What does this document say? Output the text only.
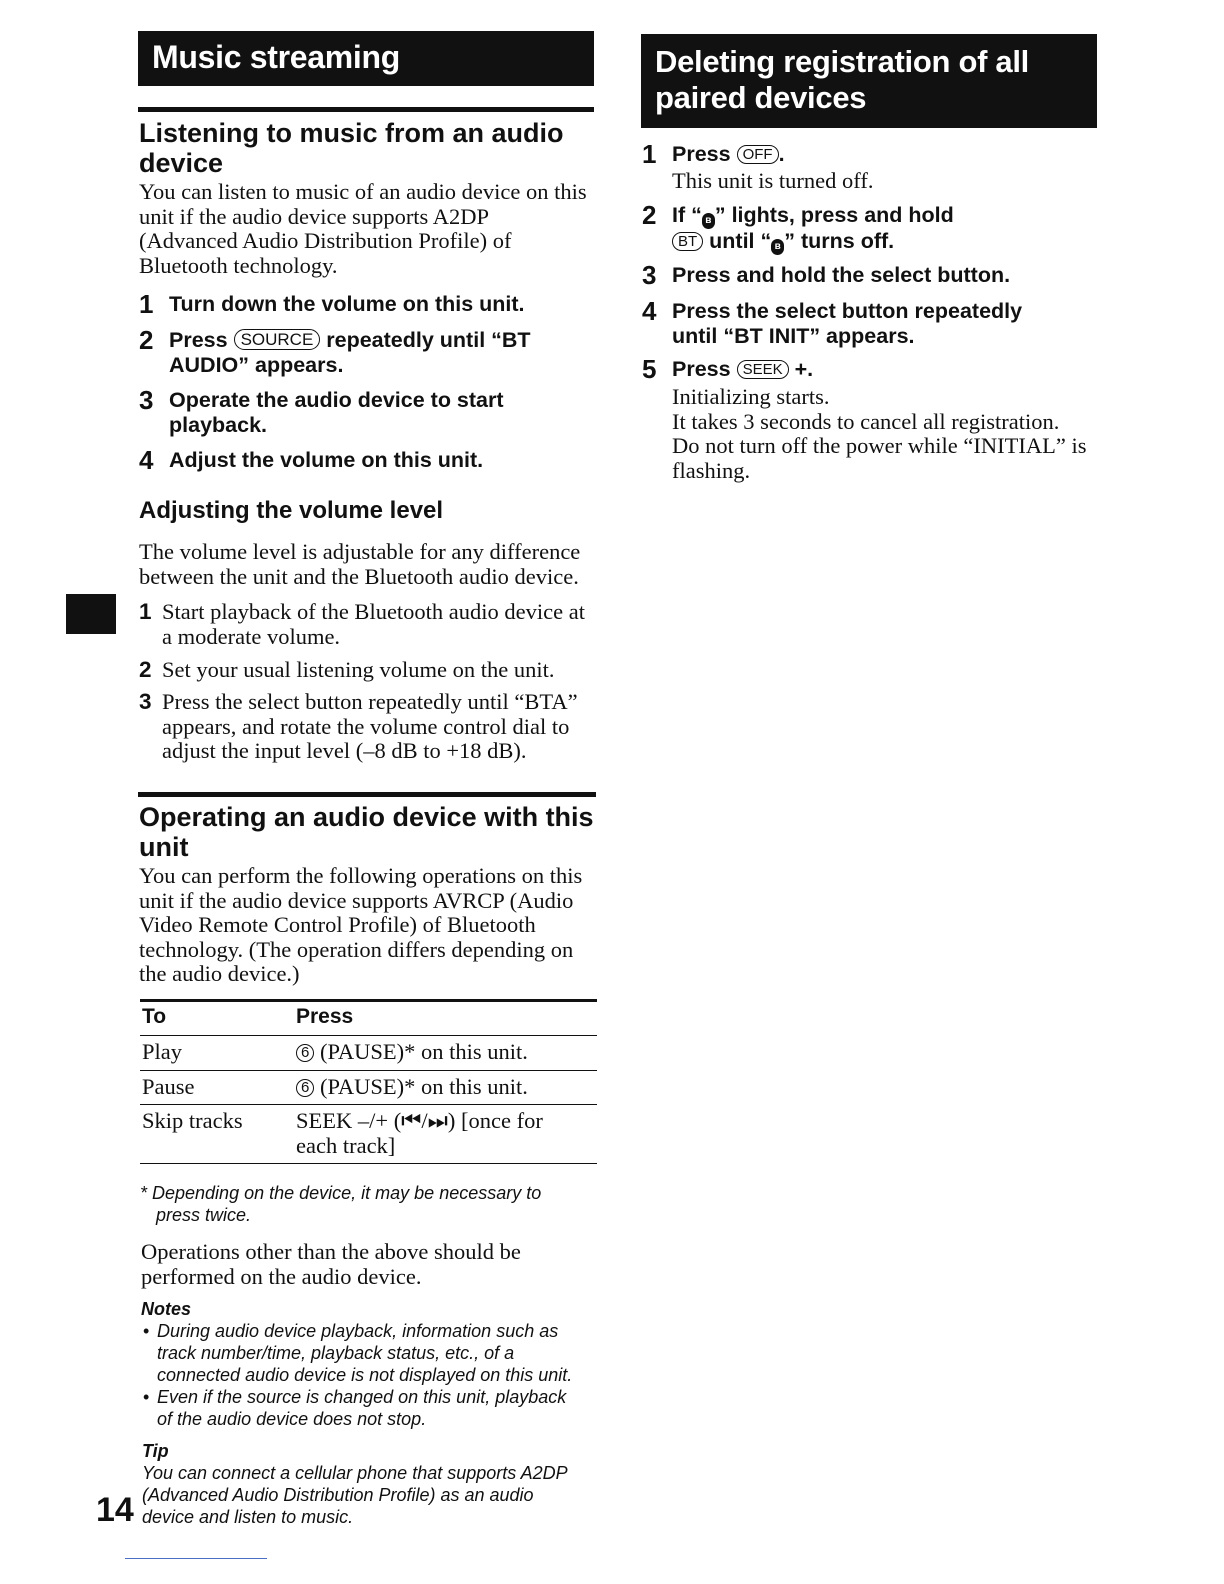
Music streaming
Listening to music from an audio
device
You can listen to music of an audio device on this
unit if the audio device supports A2DP
(Advanced Audio Distribution Profile) of
Bluetooth technology.
1 Turn down the volume on this unit.
2 Press SOURCE repeatedly until “BT
AUDIO” appears.
3 Operate the audio device to start
playback.
4 Adjust the volume on this unit.
Adjusting the volume level
The volume level is adjustable for any difference
between the unit and the Bluetooth audio device.
1 Start playback of the Bluetooth audio device at
a moderate volume.
2 Set your usual listening volume on the unit.
3 Press the select button repeatedly until “BTA”
appears, and rotate the volume control dial to
adjust the input level (–8 dB to +18 dB).
Operating an audio device with this
unit
You can perform the following operations on this
unit if the audio device supports AVRCP (Audio
Video Remote Control Profile) of Bluetooth
technology. (The operation differs depending on
the audio device.)
To	Press
Play	6 (PAUSE)* on this unit.
Pause	6 (PAUSE)* on this unit.
Skip tracks	SEEK –/+ (⏮/⏭) [once for
each track]
* Depending on the device, it may be necessary to
press twice.
Operations other than the above should be
performed on the audio device.
Notes
• During audio device playback, information such as
track number/time, playback status, etc., of a
connected audio device is not displayed on this unit.
• Even if the source is changed on this unit, playback
of the audio device does not stop.
Tip
You can connect a cellular phone that supports A2DP
(Advanced Audio Distribution Profile) as an audio
device and listen to music.
14
Deleting registration of all
paired devices
1 Press OFF .
This unit is turned off.
2 If “ ʙ ” lights, press and hold
BT until “ ʙ ” turns off.
3 Press and hold the select button.
4 Press the select button repeatedly
until “BT INIT” appears.
5 Press SEEK +.
Initializing starts.
It takes 3 seconds to cancel all registration.
Do not turn off the power while “INITIAL” is
flashing.
